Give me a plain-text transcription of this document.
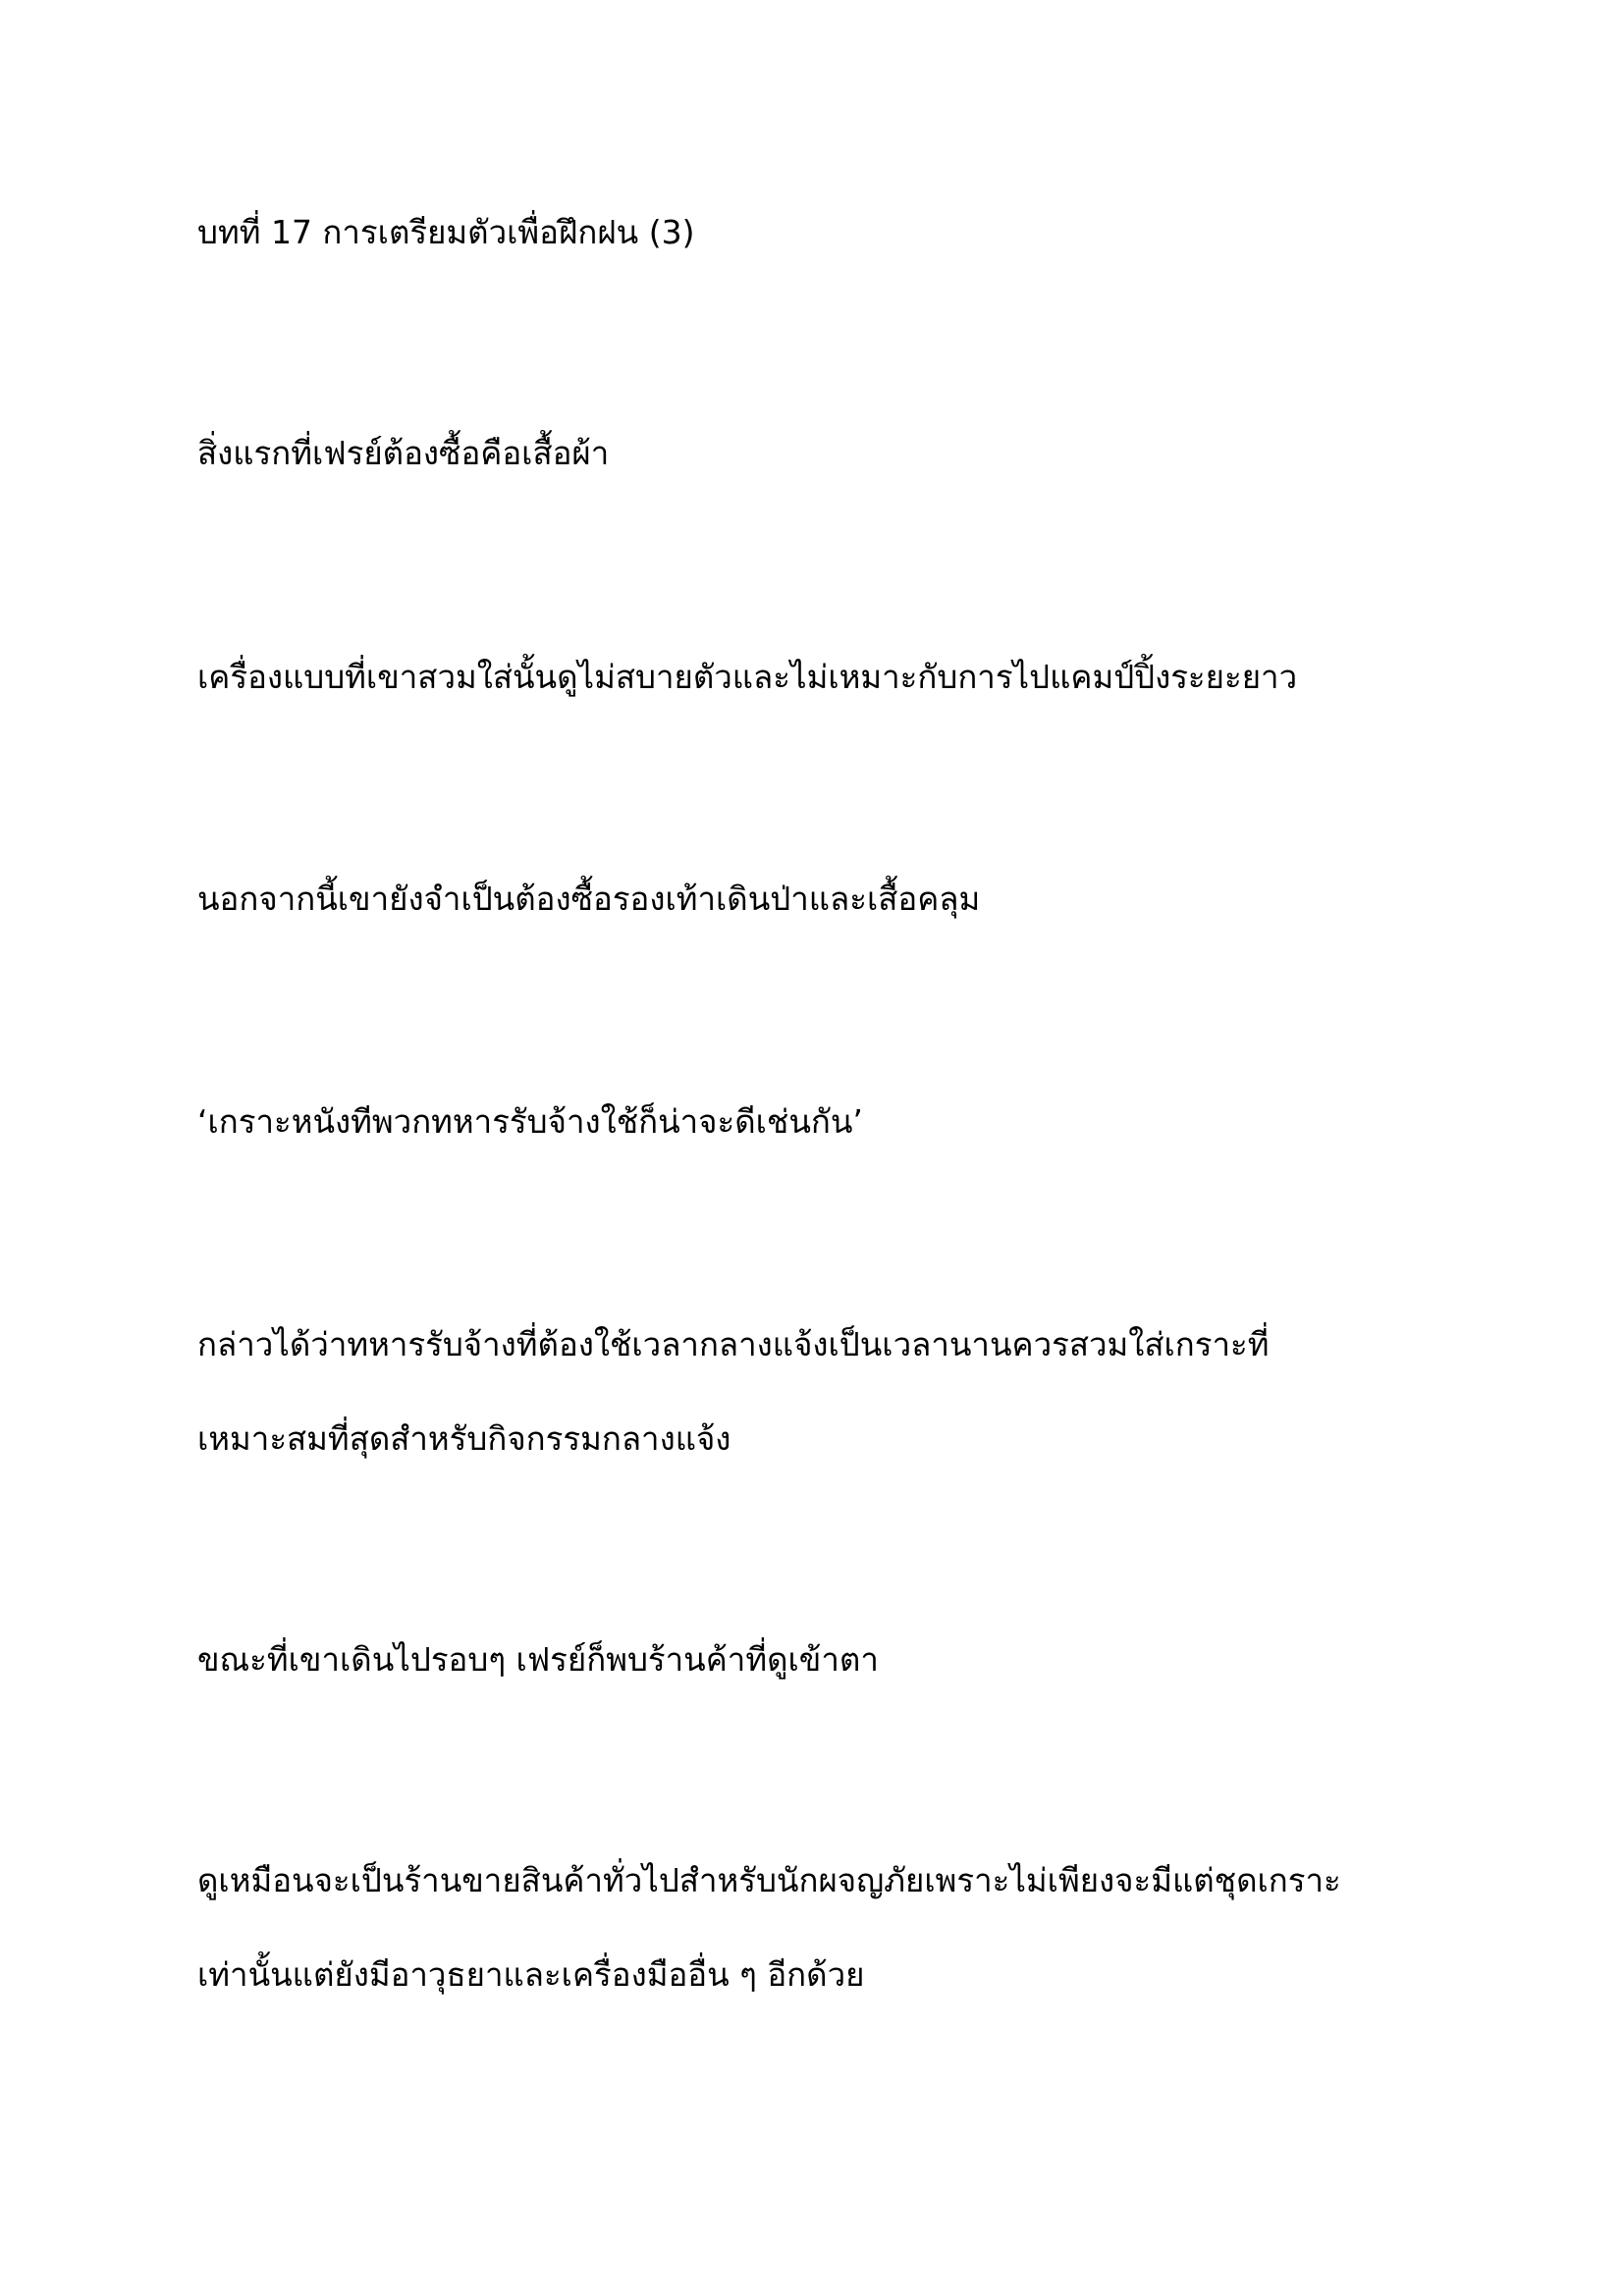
บทที่ 17 การเตรียมตัวเพื่อฝึกฝน (3)

สิ่งแรกที่เฟรย์ต้องซื้อคือเสื้อผ้า

เครื่องแบบที่เขาสวมใส่นั้นดูไม่สบายตัวและไม่เหมาะกับการไปแคมป์ปิ้งระยะยาว

นอกจากนี้เขายังจำเป็นต้องซื้อรองเท้าเดินป่าและเสื้อคลุม

‘เกราะหนังทีพวกทหารรับจ้างใช้ก็น่าจะดีเช่นกัน’

กล่าวได้ว่าทหารรับจ้างที่ต้องใช้เวลากลางแจ้งเป็นเวลานานควรสวมใส่เกราะที่
เหมาะสมที่สุดสำหรับกิจกรรมกลางแจ้ง

ขณะที่เขาเดินไปรอบๆ เฟรย์ก็พบร้านค้าที่ดูเข้าตา

ดูเหมือนจะเป็นร้านขายสินค้าทั่วไปสำหรับนักผจญภัยเพราะไม่เพียงจะมีแต่ชุดเกราะ
เท่านั้นแต่ยังมีอาวุธยาและเครื่องมืออื่น ๆ อีกด้วย
